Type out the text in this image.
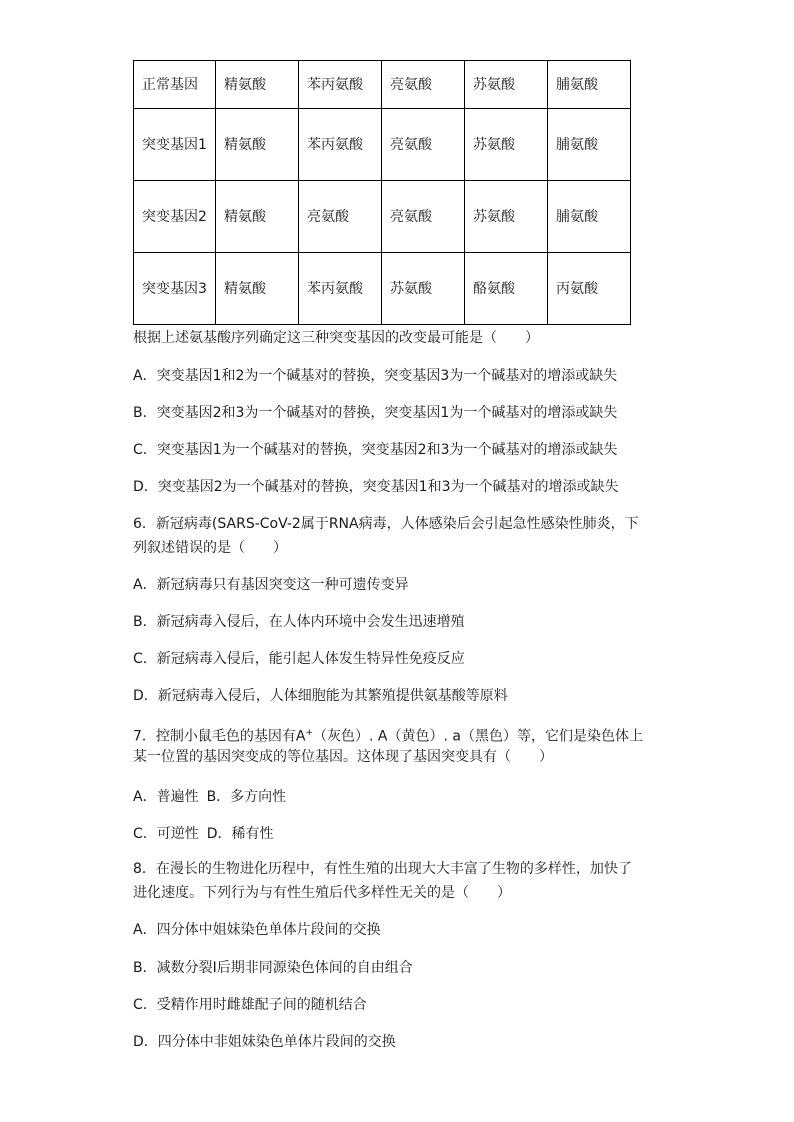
正常基因	精氨酸	苯丙氨酸	亮氨酸	苏氨酸	脯氨酸
突变基因1	精氨酸	苯丙氨酸	亮氨酸	苏氨酸	脯氨酸
突变基因2	精氨酸	亮氨酸	亮氨酸	苏氨酸	脯氨酸
突变基因3	精氨酸	苯丙氨酸	苏氨酸	酪氨酸	丙氨酸
根据上述氨基酸序列确定这三种突变基因的改变最可能是（　　）
A．突变基因1和2为一个碱基对的替换，突变基因3为一个碱基对的增添或缺失
B．突变基因2和3为一个碱基对的替换，突变基因1为一个碱基对的增添或缺失
C．突变基因1为一个碱基对的替换，突变基因2和3为一个碱基对的增添或缺失
D．突变基因2为一个碱基对的替换，突变基因1和3为一个碱基对的增添或缺失
6．新冠病毒(SARS-CoV-2属于RNA病毒，人体感染后会引起急性感染性肺炎，下
列叙述错误的是（　　）
A．新冠病毒只有基因突变这一种可遗传变异
B．新冠病毒入侵后，在人体内环境中会发生迅速增殖
C．新冠病毒入侵后，能引起人体发生特异性免疫反应
D．新冠病毒入侵后，人体细胞能为其繁殖提供氨基酸等原料
7．控制小鼠毛色的基因有A+（灰色）. A（黄色）. a（黑色）等，它们是染色体上
某一位置的基因突变成的等位基因。这体现了基因突变具有（　　）
A．普遍性 B．多方向性
C．可逆性 D．稀有性
8．在漫长的生物进化历程中，有性生殖的出现大大丰富了生物的多样性，加快了
进化速度。下列行为与有性生殖后代多样性无关的是（　　）
A．四分体中姐妹染色单体片段间的交换
B．减数分裂Ⅰ后期非同源染色体间的自由组合
C．受精作用时雌雄配子间的随机结合
D．四分体中非姐妹染色单体片段间的交换
